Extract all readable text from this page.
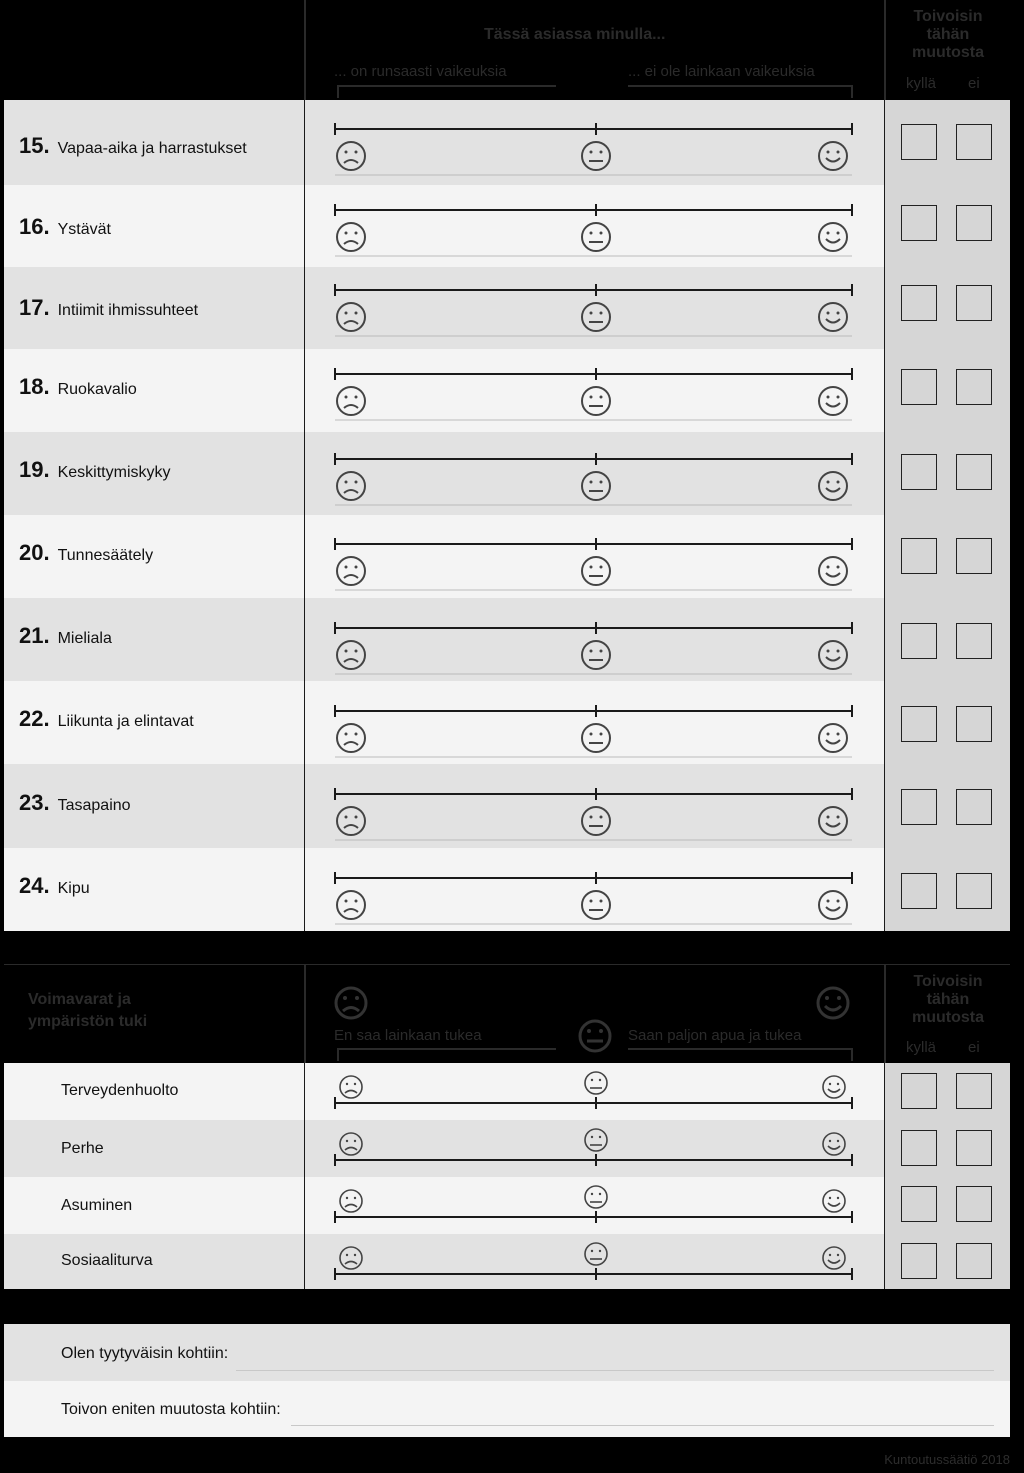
Tässä asiassa minulla...
... on runsaasti vaikeuksia	... ei ole lainkaan vaikeuksia
Toivoisin
tähän
muutosta
kyllä ei
15. Vapaa-aika ja harrastukset
16. Ystävät
17. Intiimit ihmissuhteet
18. Ruokavalio
19. Keskittymiskyky
20. Tunnesäätely
21. Mieliala
22. Liikunta ja elintavat
23. Tasapaino
24. Kipu
Voimavarat ja
ympäristön tuki
En saa lainkaan tukea	Saan paljon apua ja tukea
Toivoisin
tähän
muutosta
kyllä ei
Terveydenhuolto
Perhe
Asuminen
Sosiaaliturva
Olen tyytyväisin kohtiin:
Toivon eniten muutosta kohtiin:
Kuntoutussäätiö 2018
